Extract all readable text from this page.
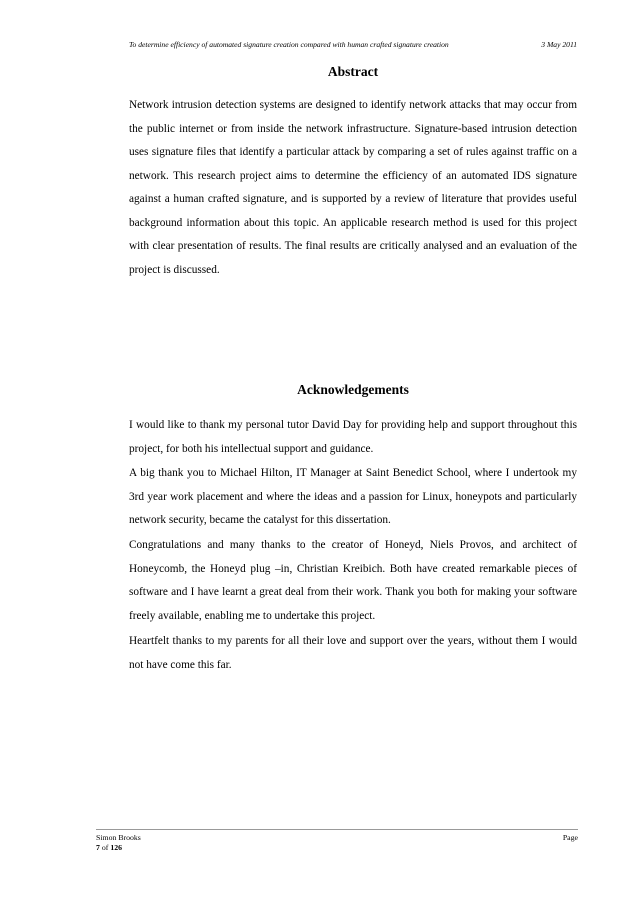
To determine efficiency of automated signature creation compared with human crafted signature creation	3 May 2011
Abstract

Network intrusion detection systems are designed to identify network attacks that may occur from the public internet or from inside the network infrastructure. Signature-based intrusion detection uses signature files that identify a particular attack by comparing a set of rules against traffic on a network. This research project aims to determine the efficiency of an automated IDS signature against a human crafted signature, and is supported by a review of literature that provides useful background information about this topic. An applicable research method is used for this project with clear presentation of results. The final results are critically analysed and an evaluation of the project is discussed.

Acknowledgements

I would like to thank my personal tutor David Day for providing help and support throughout this project, for both his intellectual support and guidance.

A big thank you to Michael Hilton, IT Manager at Saint Benedict School, where I undertook my 3rd year work placement and where the ideas and a passion for Linux, honeypots and particularly network security, became the catalyst for this dissertation.

Congratulations and many thanks to the creator of Honeyd, Niels Provos, and architect of Honeycomb, the Honeyd plug –in, Christian Kreibich. Both have created remarkable pieces of software and I have learnt a great deal from their work. Thank you both for making your software freely available, enabling me to undertake this project.

Heartfelt thanks to my parents for all their love and support over the years, without them I would not have come this far.

Simon Brooks	Page
7 of 126
